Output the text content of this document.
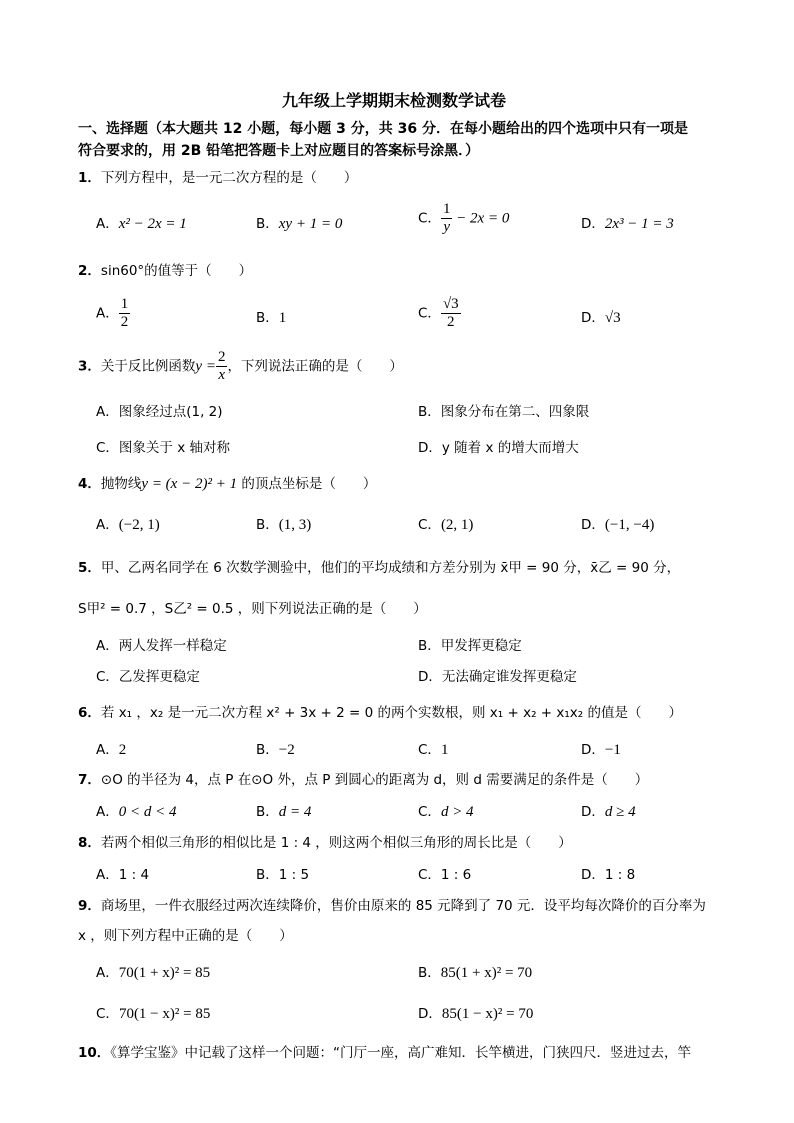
九年级上学期期末检测数学试卷
一、选择题（本大题共 12 小题，每小题 3 分，共 36 分．在每小题给出的四个选项中只有一项是
符合要求的，用 2B 铅笔把答题卡上对应题目的答案标号涂黑．）
1．下列方程中，是一元二次方程的是（　　）
A．x² − 2x = 1	B．xy + 1 = 0	C． $\frac{1}{y} - 2x = 0$	D．2x³ − 1 = 3
2．sin60°的值等于（　　）
A． $\frac{1}{2}$	B．1	C． $\frac{√3}{2}$	D．√3
3．关于反比例函数$y = \frac{2}{x}$ ，下列说法正确的是（　　）
A．图象经过点(1, 2)	B．图象分布在第二、四象限
C．图象关于 x 轴对称	D．y 随着 x 的增大而增大
4．抛物线y = (x − 2)² + 1 的顶点坐标是（　　）
A．(−2, 1)	B．(1, 3)	C．(2, 1)	D．(−1, −4)
5．甲、乙两名同学在 6 次数学测验中，他们的平均成绩和方差分别为 x̄甲 = 90 分，x̄乙 = 90 分，
S甲² = 0.7 ，S乙² = 0.5 ，则下列说法正确的是（　　）
A．两人发挥一样稳定	B．甲发挥更稳定
C．乙发挥更稳定	D．无法确定谁发挥更稳定
6．若 x₁ ，x₂ 是一元二次方程 x² + 3x + 2 = 0 的两个实数根，则 x₁ + x₂ + x₁x₂ 的值是（　　）
A．2	B．−2	C．1	D．−1
7．⊙O 的半径为 4，点 P 在⊙O 外，点 P 到圆心的距离为 d，则 d 需要满足的条件是（　　）
A．0 < d < 4	B．d = 4	C．d > 4	D．d ≥ 4
8．若两个相似三角形的相似比是 1 : 4 ，则这两个相似三角形的周长比是（　　）
A．1 : 4	B．1 : 5	C．1 : 6	D．1 : 8
9．商场里，一件衣服经过两次连续降价，售价由原来的 85 元降到了 70 元．设平均每次降价的百分率为
x ，则下列方程中正确的是（　　）
A．70(1 + x)² = 85	B．85(1 + x)² = 70
C．70(1 − x)² = 85	D．85(1 − x)² = 70
10．《算学宝鉴》中记载了这样一个问题：“门厅一座，高广难知．长竿横进，门狭四尺．竖进过去，竿
